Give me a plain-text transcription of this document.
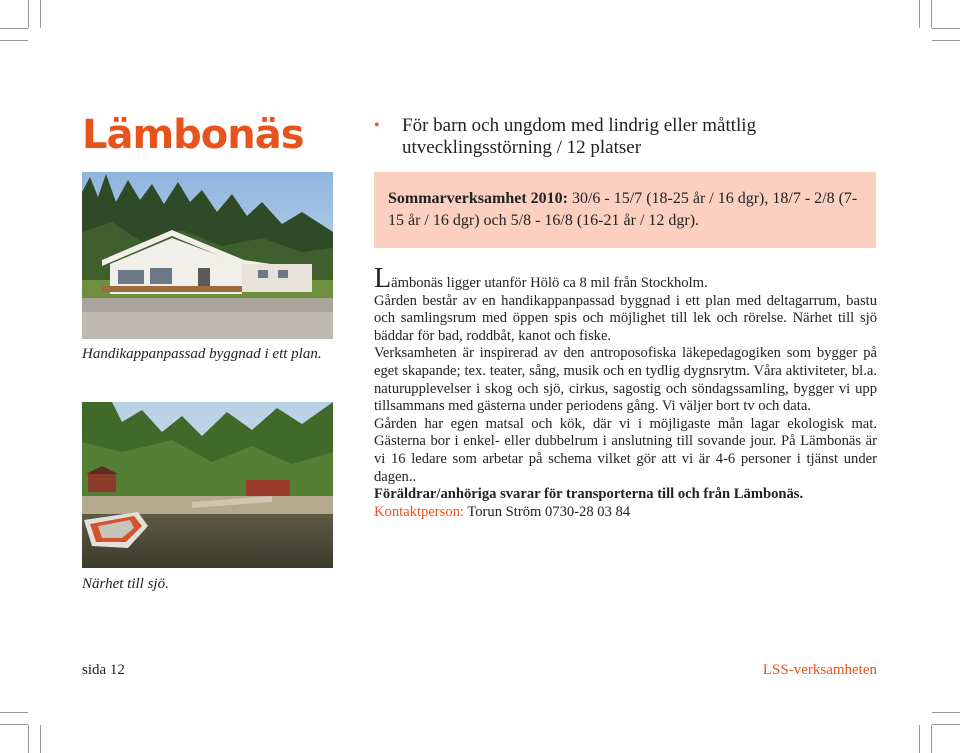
Lämbonäs	• För barn och ungdom med lindrig eller måttlig utvecklingsstörning / 12 platser
Sommarverksamhet 2010: 30/6 - 15/7 (18-25 år / 16 dgr), 18/7 - 2/8 (7-15 år / 16 dgr) och 5/8 - 16/8 (16-21 år / 12 dgr).
Handikappanpassad byggnad i ett plan.
Närhet till sjö.

Lämbonäs ligger utanför Hölö ca 8 mil från Stockholm.

Gården består av en handikappanpassad byggnad i ett plan med deltagarrum, bastu och samlingsrum med öppen spis och möjlighet till lek och rörelse. Närhet till sjö bäddar för bad, roddbåt, kanot och fiske.

Verksamheten är inspirerad av den antroposofiska läkepedagogiken som bygger på eget skapande; tex. teater, sång, musik och en tydlig dygnsrytm. Våra aktiviteter, bl.a. naturupplevelser i skog och sjö, cirkus, sagostig och söndagssamling, bygger vi upp tillsammans med gästerna under periodens gång. Vi väljer bort tv och data.

Gården har egen matsal och kök, där vi i möjligaste mån lagar ekologisk mat. Gästerna bor i enkel- eller dubbelrum i anslutning till sovande jour. På Lämbonäs är vi 16 ledare som arbetar på schema vilket gör att vi är 4-6 personer i tjänst under dagen..

Föräldrar/anhöriga svarar för transporterna till och från Lämbonäs.

Kontaktperson: Torun Ström 0730-28 03 84

sida 12	LSS-verksamheten
